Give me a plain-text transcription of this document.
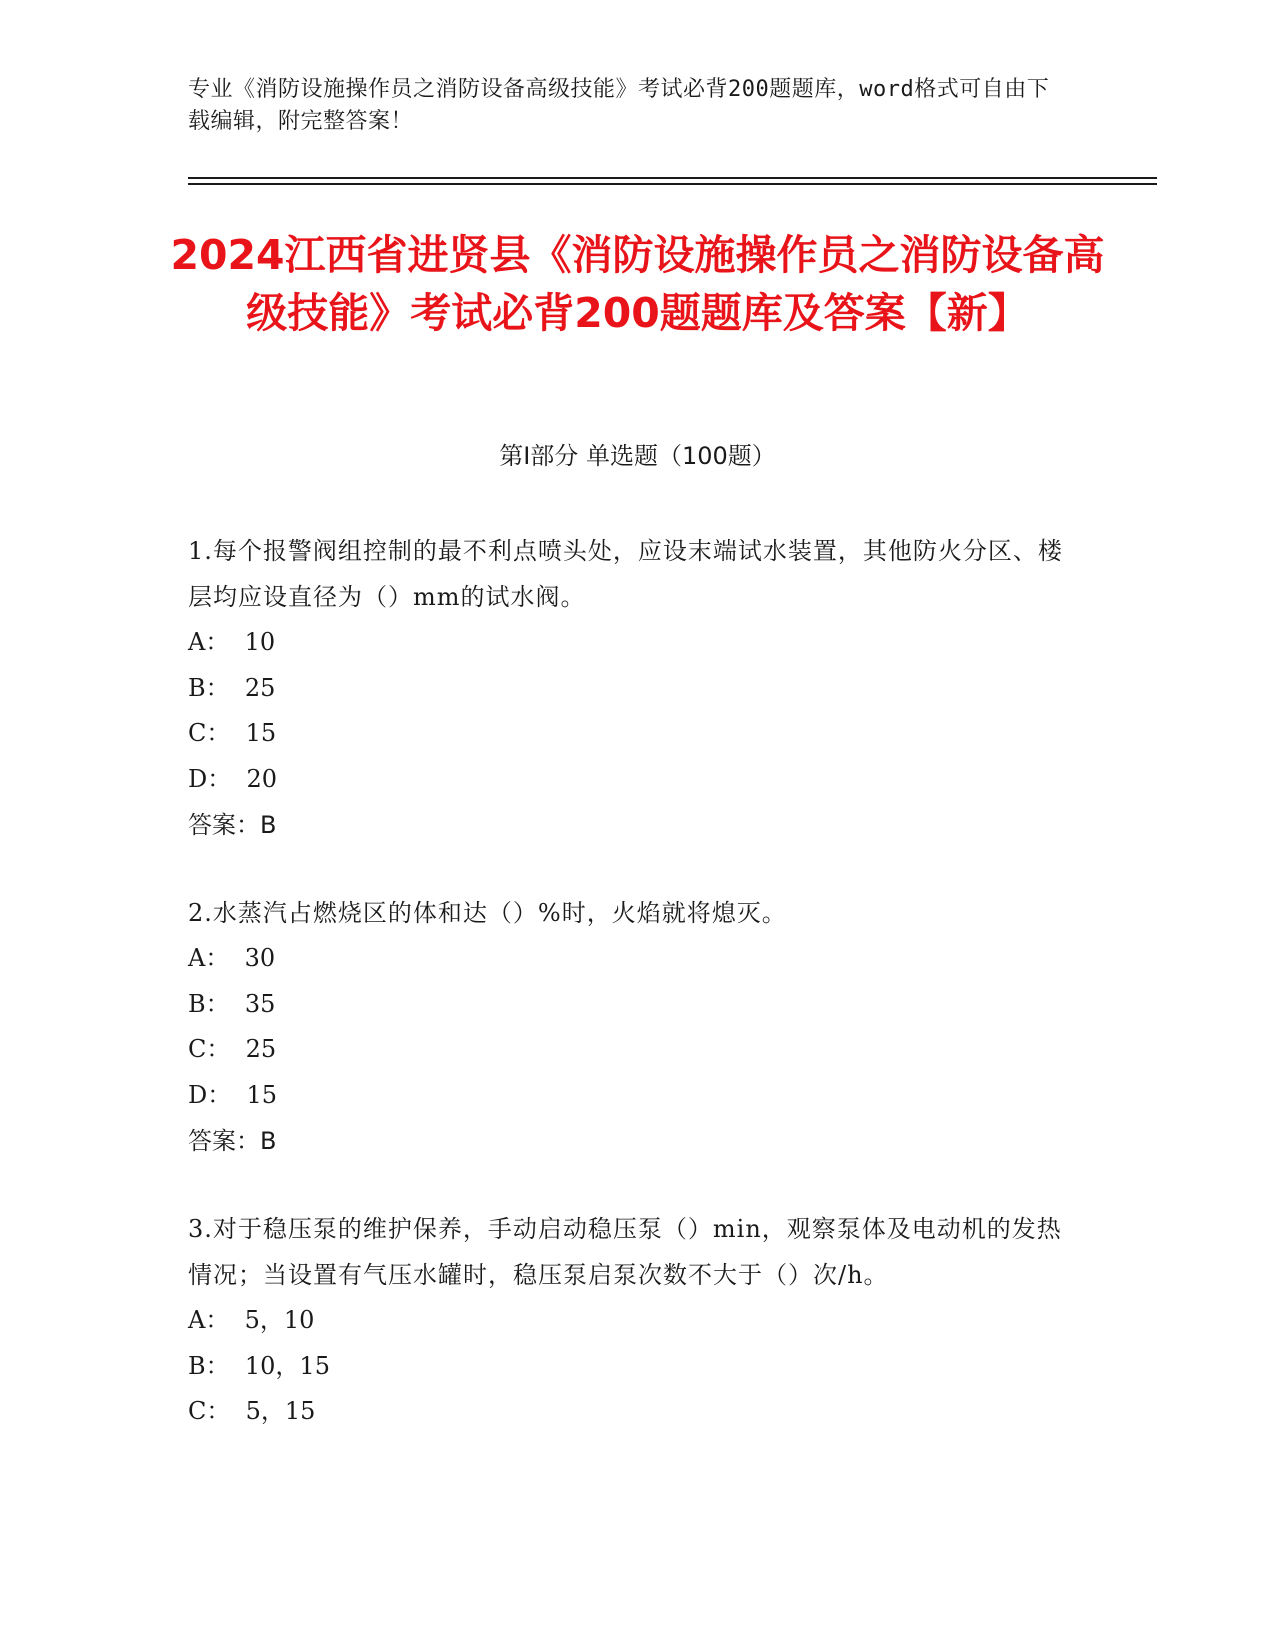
专业《消防设施操作员之消防设备高级技能》考试必背200题题库，word格式可自由下载编辑，附完整答案！
2024江西省进贤县《消防设施操作员之消防设备高级技能》考试必背200题题库及答案【新】
第I部分 单选题（100题）

1.每个报警阀组控制的最不利点喷头处，应设末端试水装置，其他防火分区、楼层均应设直径为（）mm的试水阀。

A：  10

B：  25

C：  15

D：  20

答案：B

2.水蒸汽占燃烧区的体和达（）%时，火焰就将熄灭。

A：  30

B：  35

C：  25

D：  15

答案：B

3.对于稳压泵的维护保养，手动启动稳压泵（）min，观察泵体及电动机的发热情况；当设置有气压水罐时，稳压泵启泵次数不大于（）次/h。

A：  5，10

B：  10，15

C：  5，15
